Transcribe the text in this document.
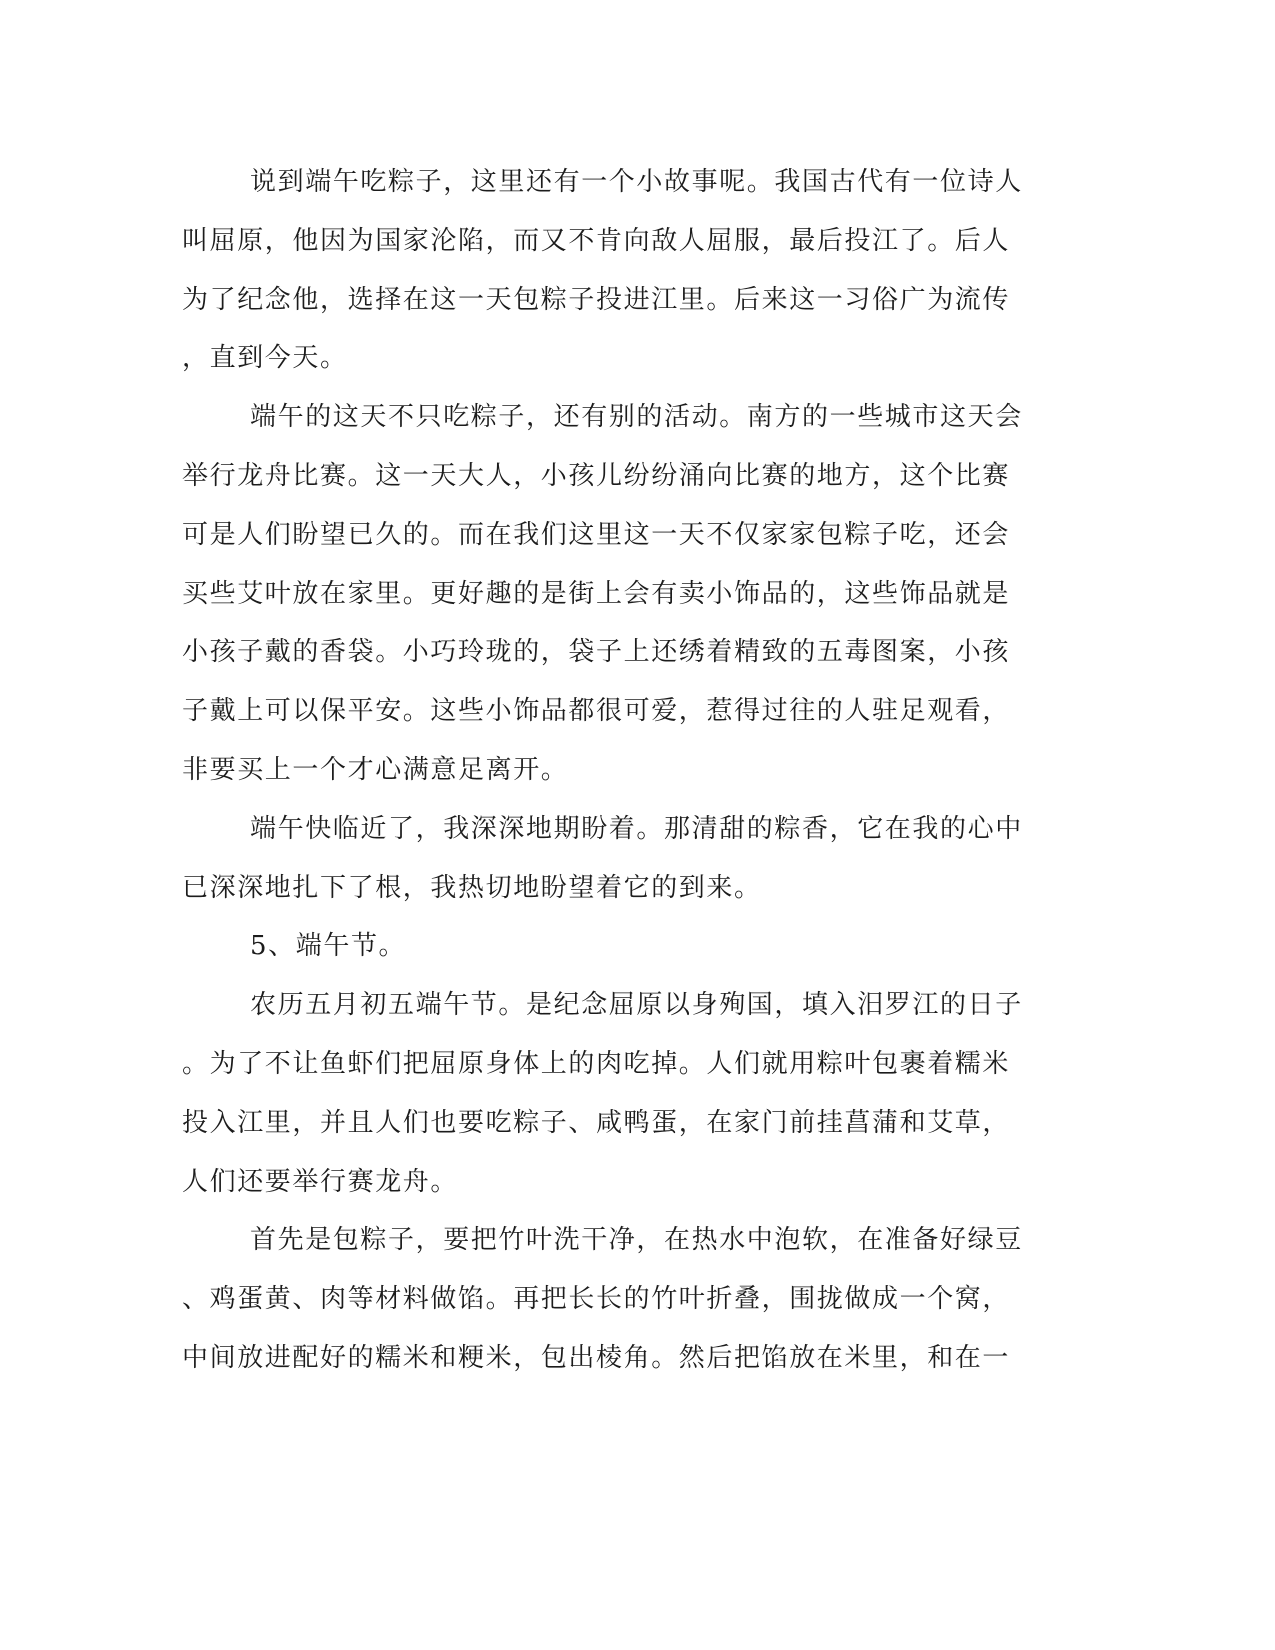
说到端午吃粽子，这里还有一个小故事呢。我国古代有一位诗人
叫屈原，他因为国家沦陷，而又不肯向敌人屈服，最后投江了。后人
为了纪念他，选择在这一天包粽子投进江里。后来这一习俗广为流传
，直到今天。
端午的这天不只吃粽子，还有别的活动。南方的一些城市这天会
举行龙舟比赛。这一天大人，小孩儿纷纷涌向比赛的地方，这个比赛
可是人们盼望已久的。而在我们这里这一天不仅家家包粽子吃，还会
买些艾叶放在家里。更好趣的是街上会有卖小饰品的，这些饰品就是
小孩子戴的香袋。小巧玲珑的，袋子上还绣着精致的五毒图案，小孩
子戴上可以保平安。这些小饰品都很可爱，惹得过往的人驻足观看，
非要买上一个才心满意足离开。
端午快临近了，我深深地期盼着。那清甜的粽香，它在我的心中
已深深地扎下了根，我热切地盼望着它的到来。
5、端午节。
农历五月初五端午节。是纪念屈原以身殉国，填入汨罗江的日子
。为了不让鱼虾们把屈原身体上的肉吃掉。人们就用粽叶包裹着糯米
投入江里，并且人们也要吃粽子、咸鸭蛋，在家门前挂菖蒲和艾草，
人们还要举行赛龙舟。
首先是包粽子，要把竹叶洗干净，在热水中泡软，在准备好绿豆
、鸡蛋黄、肉等材料做馅。再把长长的竹叶折叠，围拢做成一个窝，
中间放进配好的糯米和粳米，包出棱角。然后把馅放在米里，和在一
